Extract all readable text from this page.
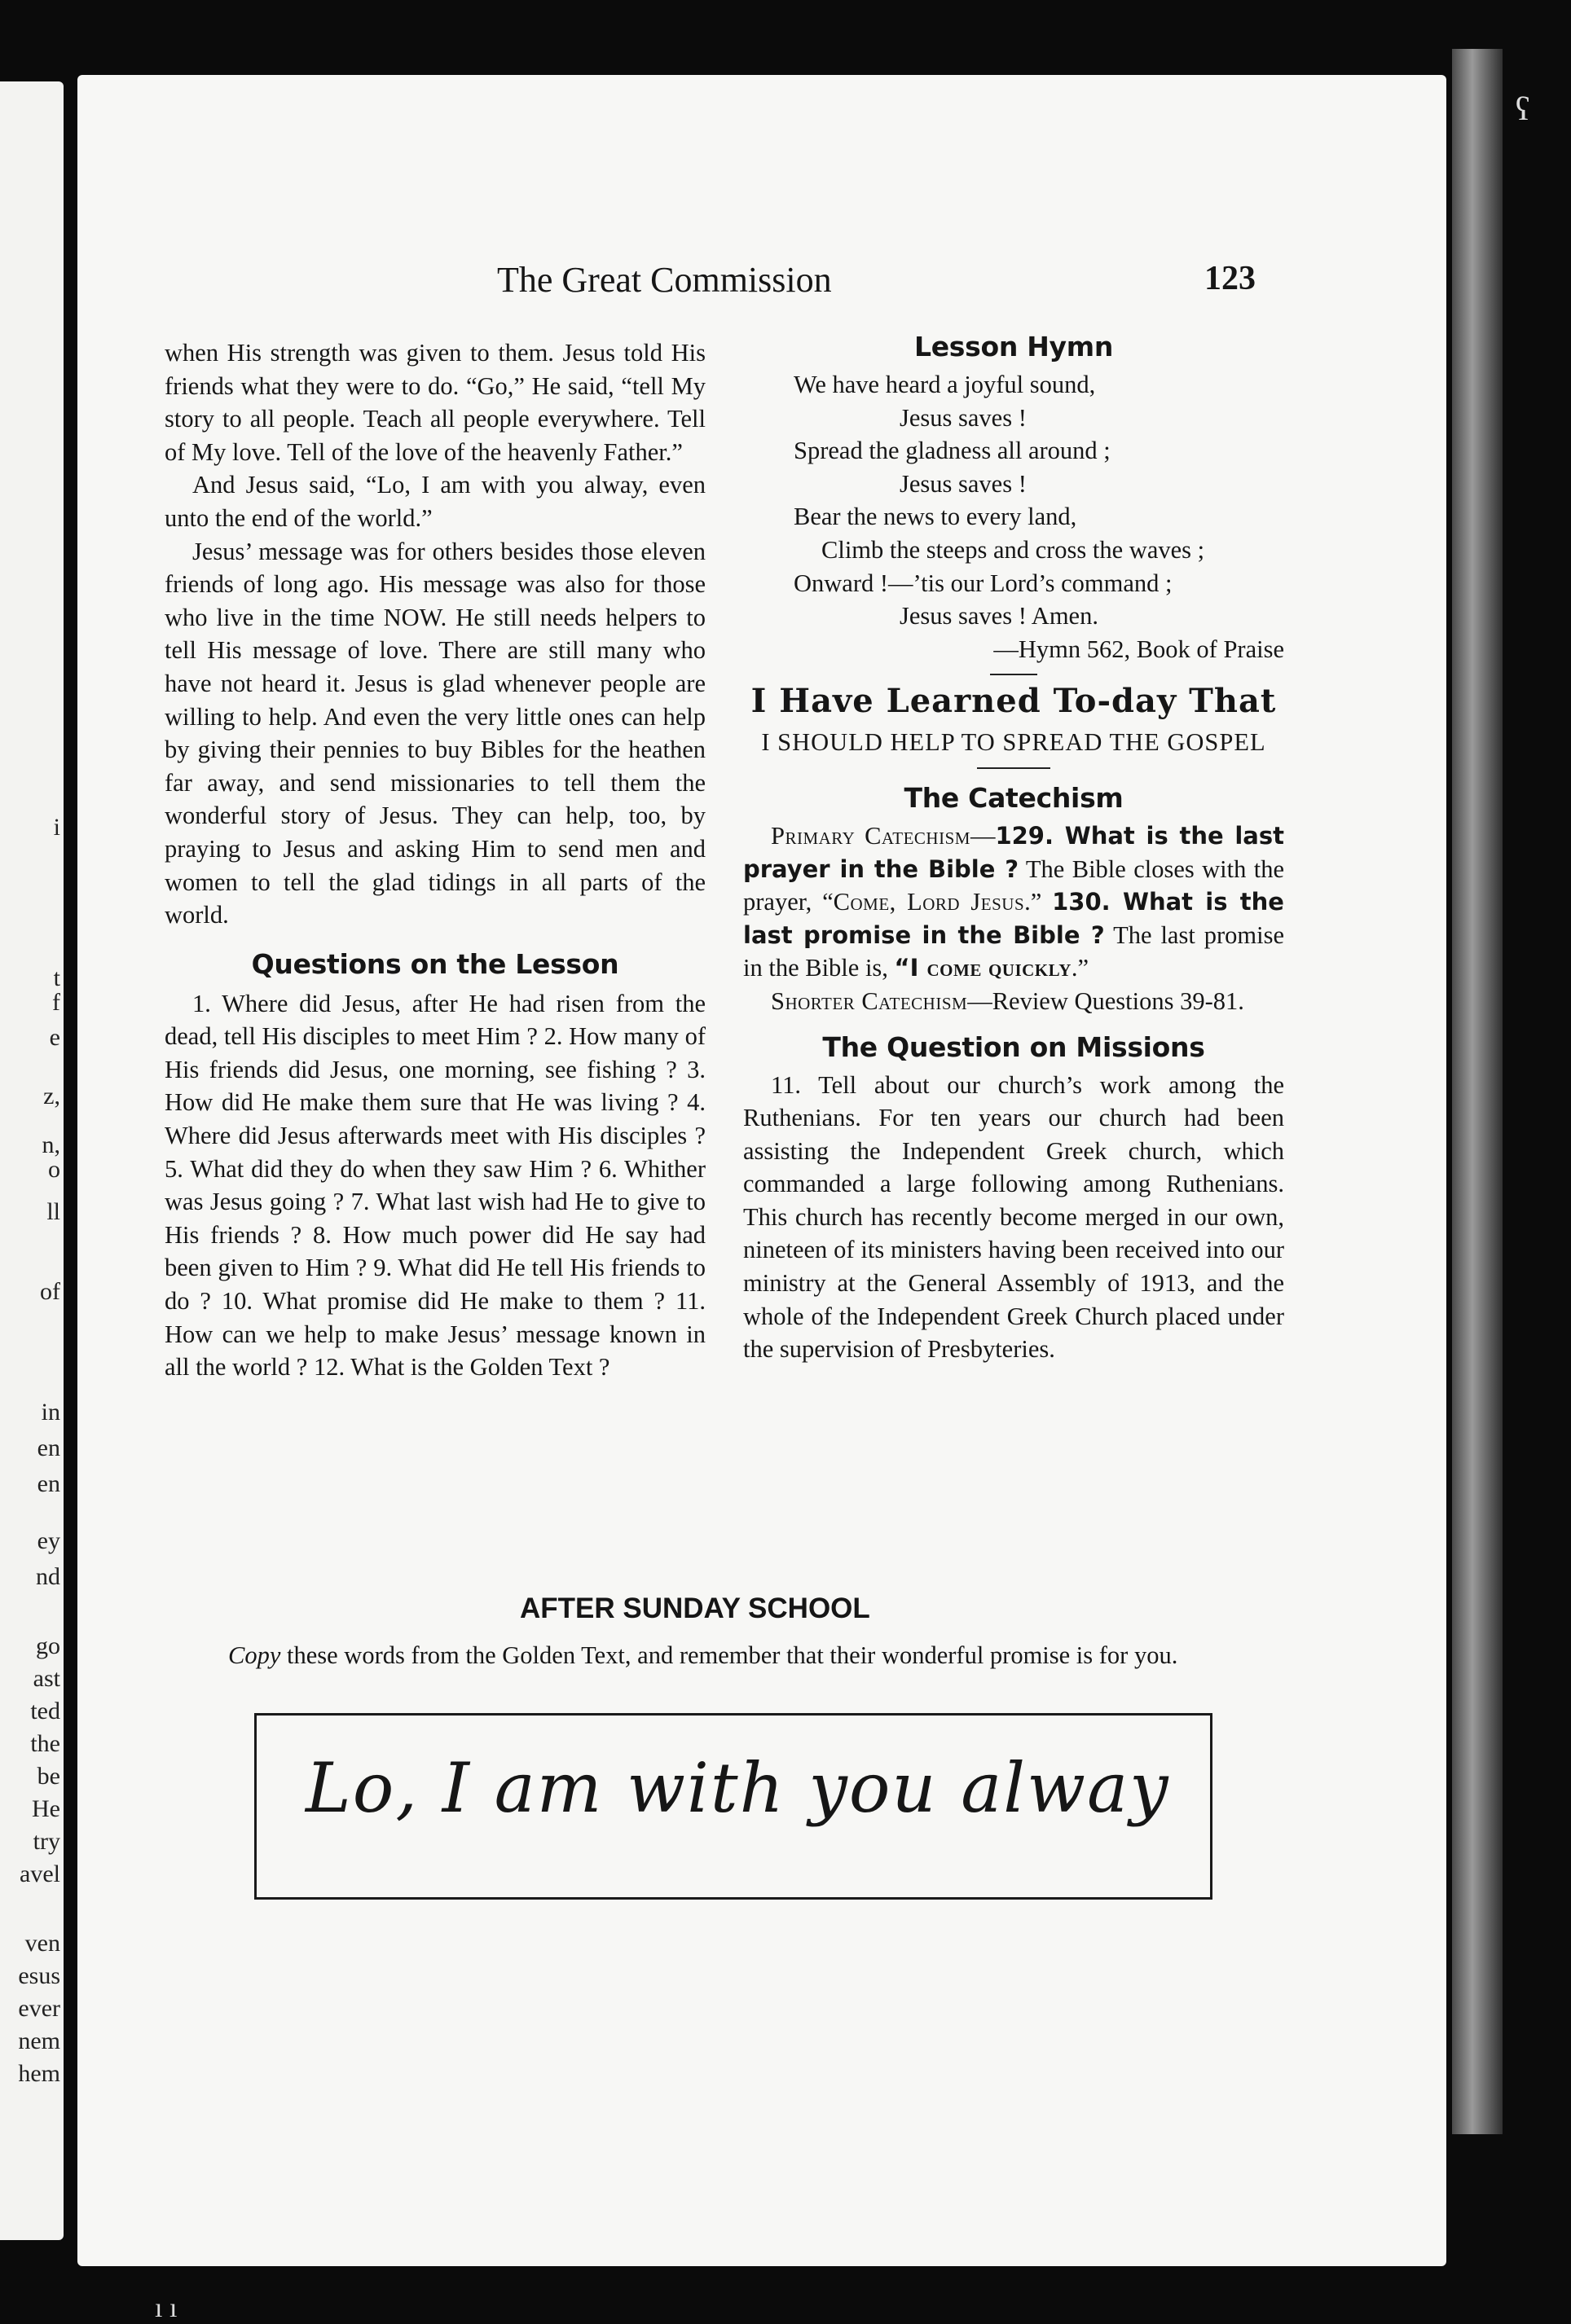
i
t
f
e
z,
n,
o
ll
of
in
en
en
ey
nd
go
ast
ted
the
be
He
try
avel
ven
esus
ever
nem
hem
ʕ
ı ı
The Great Commission	123

when His strength was given to them. Jesus told His friends what they were to do. “Go,” He said, “tell My story to all people. Teach all people everywhere. Tell of My love. Tell of the love of the heavenly Father.”

And Jesus said, “Lo, I am with you alway, even unto the end of the world.”

Jesus’ message was for others besides those eleven friends of long ago. His message was also for those who live in the time NOW. He still needs helpers to tell His message of love. There are still many who have not heard it. Jesus is glad whenever people are willing to help. And even the very little ones can help by giving their pennies to buy Bibles for the heathen far away, and send missionaries to tell them the wonderful story of Jesus. They can help, too, by praying to Jesus and asking Him to send men and women to tell the glad tidings in all parts of the world.

Questions on the Lesson

1. Where did Jesus, after He had risen from the dead, tell His disciples to meet Him ? 2. How many of His friends did Jesus, one morning, see fishing ? 3. How did He make them sure that He was living ? 4. Where did Jesus afterwards meet with His disciples ? 5. What did they do when they saw Him ? 6. Whither was Jesus going ? 7. What last wish had He to give to His friends ? 8. How much power did He say had been given to Him ? 9. What did He tell His friends to do ? 10. What promise did He make to them ? 11. How can we help to make Jesus’ message known in all the world ? 12. What is the Golden Text ?

Lesson Hymn
We have heard a joyful sound,
Jesus saves !
Spread the gladness all around ;
Jesus saves !
Bear the news to every land,
Climb the steeps and cross the waves ;
Onward !—’tis our Lord’s command ;
Jesus saves ! Amen.
—Hymn 562, Book of Praise
I Have Learned To-day That
I SHOULD HELP TO SPREAD THE GOSPEL
The Catechism

Primary Catechism—129. What is the last prayer in the Bible ? The Bible closes with the prayer, “Come, Lord Jesus.” 130. What is the last promise in the Bible ? The last promise in the Bible is, “I come quickly.”

Shorter Catechism—Review Questions 39-81.

The Question on Missions

11. Tell about our church’s work among the Ruthenians. For ten years our church had been assisting the Independent Greek church, which commanded a large following among Ruthenians. This church has recently become merged in our own, nineteen of its ministers having been received into our ministry at the General Assembly of 1913, and the whole of the Independent Greek Church placed under the supervision of Presbyteries.

AFTER SUNDAY SCHOOL
Copy these words from the Golden Text, and remember that their wonderful promise is for you.
Lo, I am with you alway
